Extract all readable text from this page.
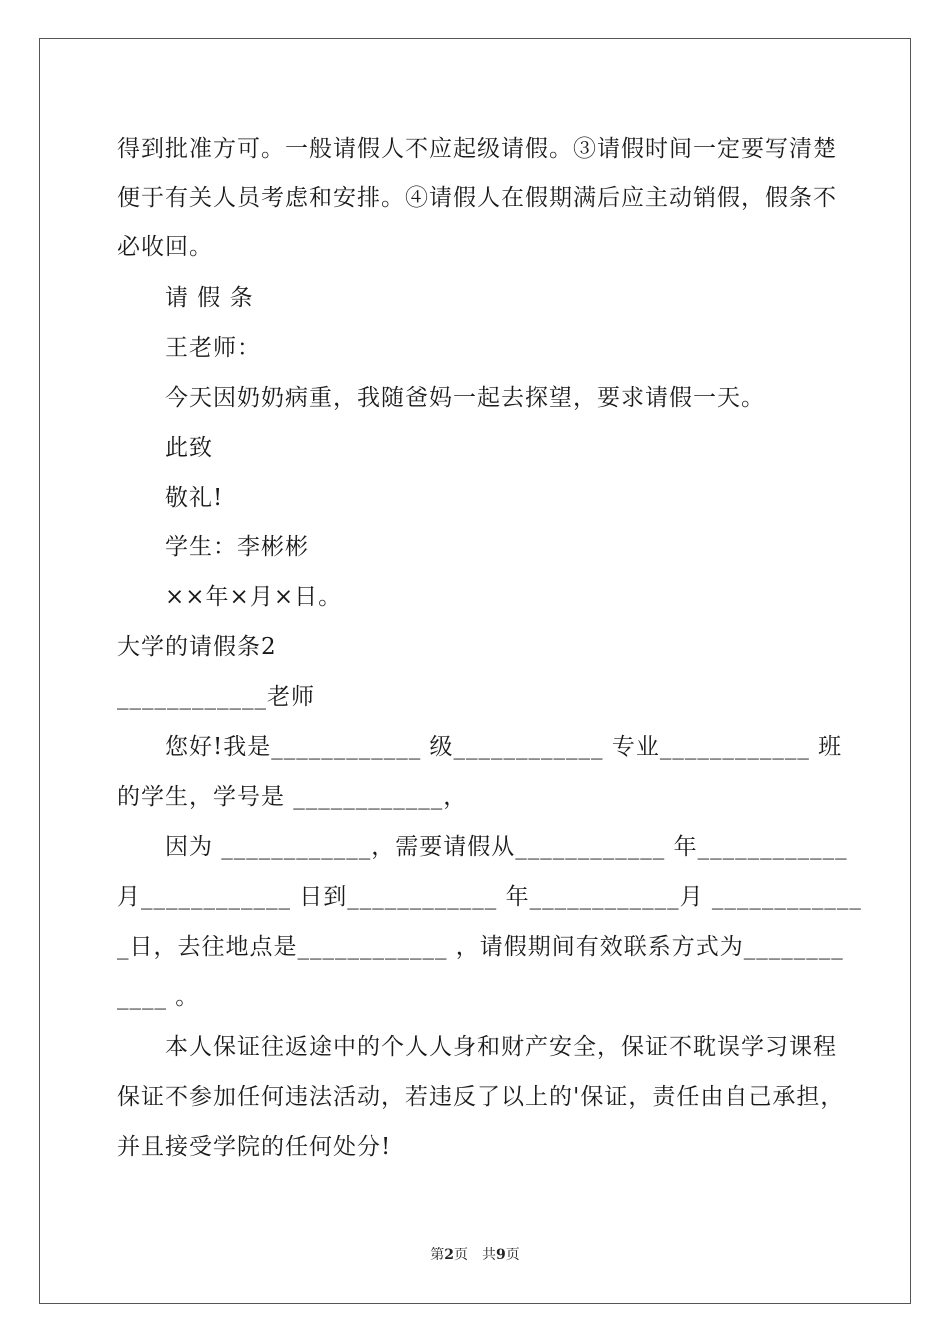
得到批准方可。一般请假人不应起级请假。③请假时间一定要写清楚
便于有关人员考虑和安排。④请假人在假期满后应主动销假，假条不
必收回。
请 假 条
王老师：
今天因奶奶病重，我随爸妈一起去探望，要求请假一天。
此致
敬礼!
学生：李彬彬
××年×月×日。
大学的请假条2
____________老师
您好!我是____________ 级____________ 专业____________ 班
的学生，学号是 ____________，
因为 ____________，需要请假从____________ 年____________
月____________ 日到____________ 年____________月 ____________
_日，去往地点是____________ ，请假期间有效联系方式为________
____ 。
本人保证往返途中的个人人身和财产安全，保证不耽误学习课程
保证不参加任何违法活动，若违反了以上的'保证，责任由自己承担，
并且接受学院的任何处分!
第2页　共9页
